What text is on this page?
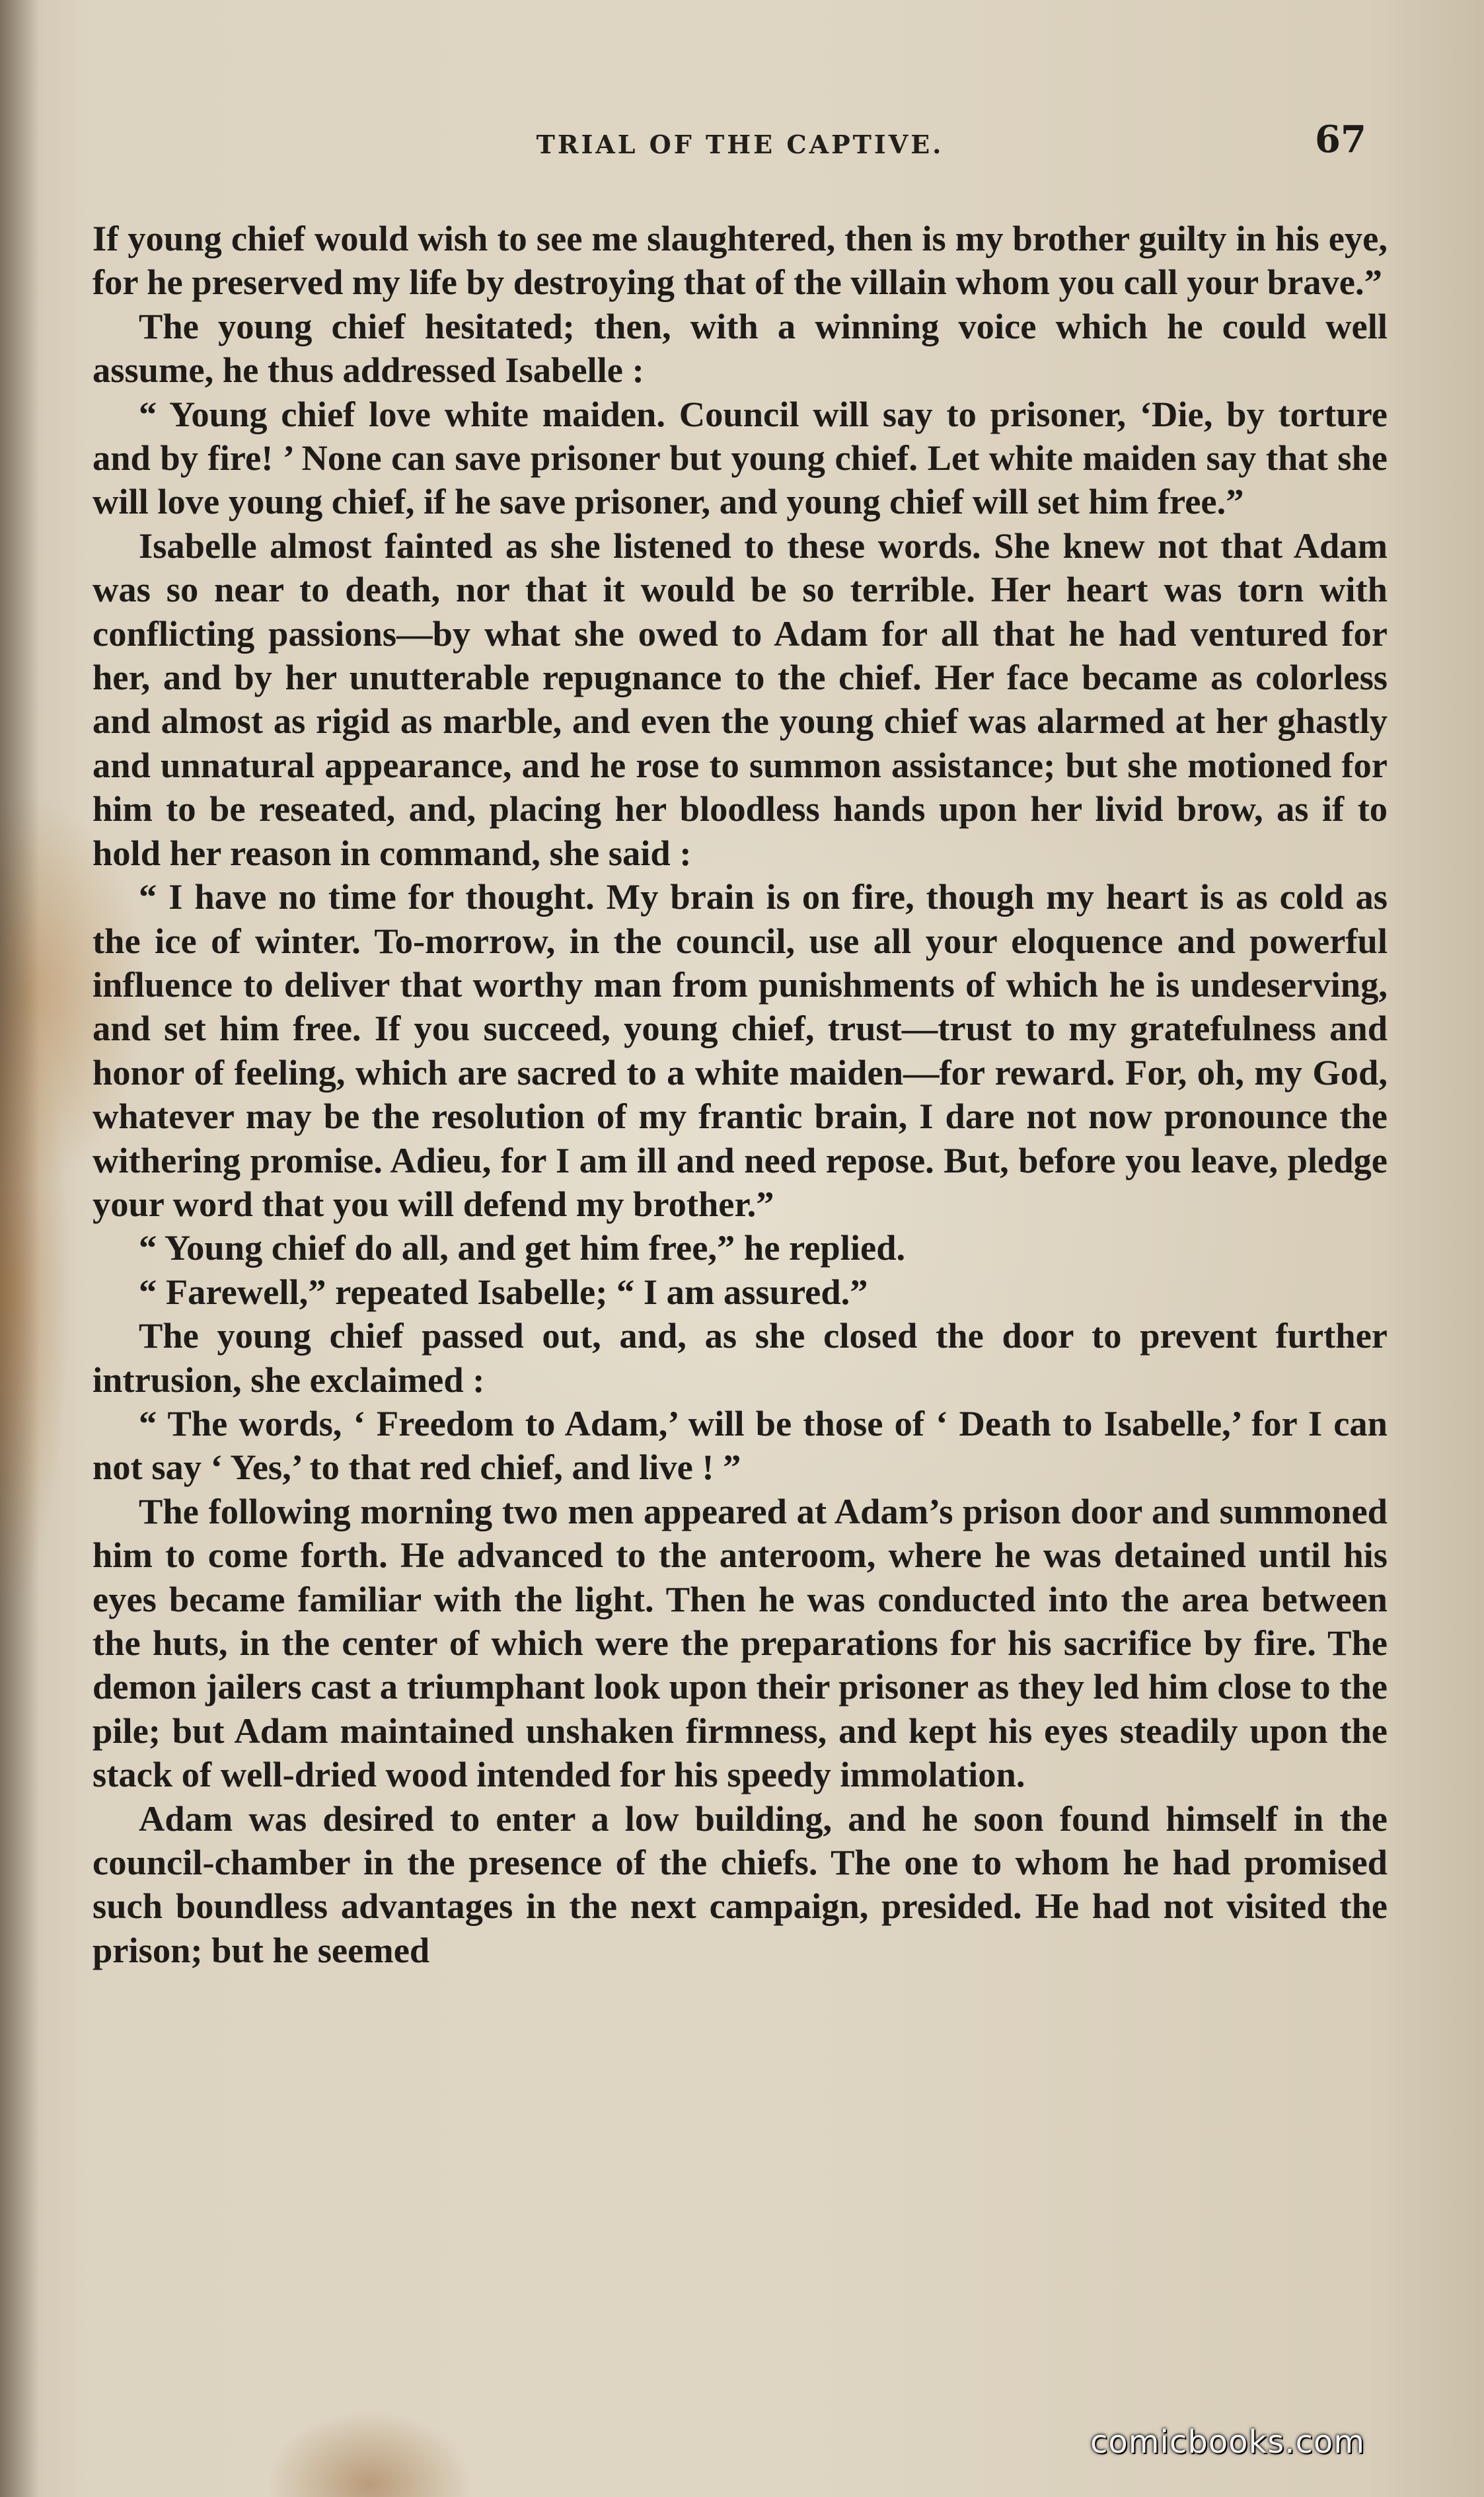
TRIAL OF THE CAPTIVE.	67

If young chief would wish to see me slaughtered, then is my brother guilty in his eye, for he preserved my life by destroying that of the villain whom you call your brave.”

The young chief hesitated; then, with a winning voice which he could well assume, he thus addressed Isabelle :

“ Young chief love white maiden. Council will say to prisoner, ‘Die, by torture and by fire! ’ None can save prisoner but young chief. Let white maiden say that she will love young chief, if he save prisoner, and young chief will set him free.”

Isabelle almost fainted as she listened to these words. She knew not that Adam was so near to death, nor that it would be so terrible. Her heart was torn with conflicting passions—by what she owed to Adam for all that he had ventured for her, and by her unutterable repugnance to the chief. Her face became as colorless and almost as rigid as marble, and even the young chief was alarmed at her ghastly and unnatural appearance, and he rose to summon assistance; but she motioned for him to be reseated, and, placing her bloodless hands upon her livid brow, as if to hold her reason in command, she said :

“ I have no time for thought. My brain is on fire, though my heart is as cold as the ice of winter. To-morrow, in the council, use all your eloquence and powerful influence to deliver that worthy man from punishments of which he is undeserving, and set him free. If you succeed, young chief, trust—trust to my gratefulness and honor of feeling, which are sacred to a white maiden—for reward. For, oh, my God, whatever may be the resolution of my frantic brain, I dare not now pronounce the withering promise. Adieu, for I am ill and need repose. But, before you leave, pledge your word that you will defend my brother.”

“ Young chief do all, and get him free,” he replied.

“ Farewell,” repeated Isabelle; “ I am assured.”

The young chief passed out, and, as she closed the door to prevent further intrusion, she exclaimed :

“ The words, ‘ Freedom to Adam,’ will be those of ‘ Death to Isabelle,’ for I can not say ‘ Yes,’ to that red chief, and live ! ”

The following morning two men appeared at Adam’s prison door and summoned him to come forth. He advanced to the anteroom, where he was detained until his eyes became familiar with the light. Then he was conducted into the area between the huts, in the center of which were the preparations for his sacrifice by fire. The demon jailers cast a triumphant look upon their prisoner as they led him close to the pile; but Adam maintained unshaken firmness, and kept his eyes steadily upon the stack of well-dried wood intended for his speedy immolation.

Adam was desired to enter a low building, and he soon found himself in the council-chamber in the presence of the chiefs. The one to whom he had promised such boundless advantages in the next campaign, presided. He had not visited the prison; but he seemed

comicbooks.com
